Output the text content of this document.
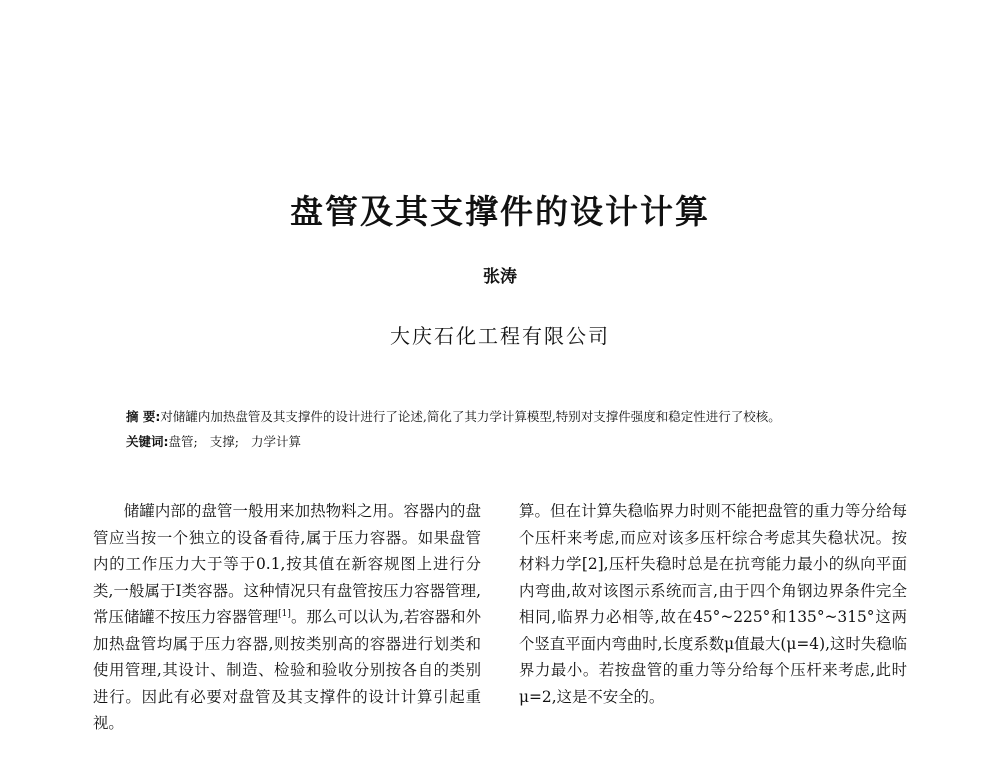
盘管及其支撑件的设计计算
张涛
大庆石化工程有限公司
摘 要:对储罐内加热盘管及其支撑件的设计进行了论述,简化了其力学计算模型,特别对支撑件强度和稳定性进行了校核。
关键词:盘管; 支撑; 力学计算

储罐内部的盘管一般用来加热物料之用。容器内的盘管应当按一个独立的设备看待,属于压力容器。如果盘管内的工作压力大于等于0.1,按其值在新容规图上进行分类,一般属于Ⅰ类容器。这种情况只有盘管按压力容器管理,常压储罐不按压力容器管理[1]。那么可以认为,若容器和外加热盘管均属于压力容器,则按类别高的容器进行划类和使用管理,其设计、制造、检验和验收分别按各自的类别进行。因此有必要对盘管及其支撑件的设计计算引起重视。

算。但在计算失稳临界力时则不能把盘管的重力等分给每个压杆来考虑,而应对该多压杆综合考虑其失稳状况。按材料力学[2],压杆失稳时总是在抗弯能力最小的纵向平面内弯曲,故对该图示系统而言,由于四个角钢边界条件完全相同,临界力必相等,故在45°~225°和135°~315°这两个竖直平面内弯曲时,长度系数μ值最大(μ=4),这时失稳临界力最小。若按盘管的重力等分给每个压杆来考虑,此时μ=2,这是不安全的。
